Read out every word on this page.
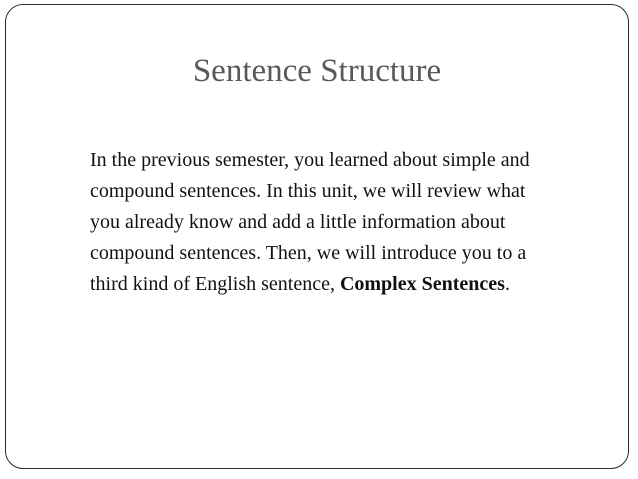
Sentence Structure

In the previous semester, you learned about simple and
compound sentences. In this unit, we will review what
you already know and add a little information about
compound sentences. Then, we will introduce you to a
third kind of English sentence, Complex Sentences.
